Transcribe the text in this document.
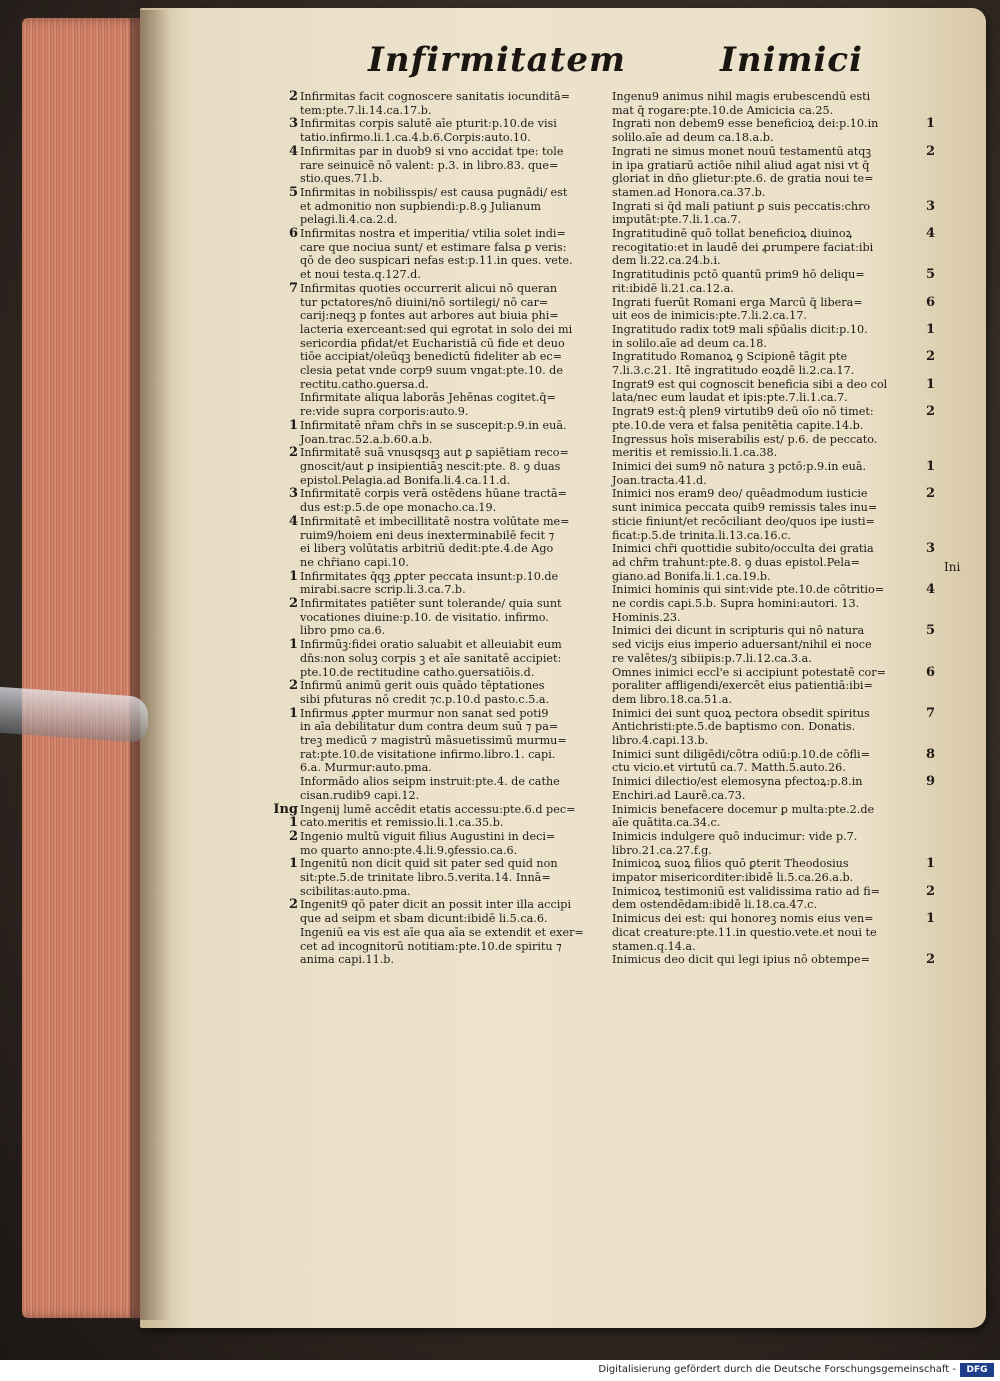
Infirmitatem	Inimici
2 Infirmitas facit cognoscere sanitatis iocunditā=
tem:pte.7.li.14.ca.17.b.
3 Infirmitas corpis salutē aīe pturit:p.10.de visi
tatio.infirmo.li.1.ca.4.b.6.Corpis:auto.10.
4 Infirmitas par in duob9 si vno accidat tpe: tole
rare seinuicē nō valent: p.3. in libro.83. que=
stio.ques.71.b.
5 Infirmitas in nobilisspis/ est causa pugnādi/ est
et admonitio non supbiendi:p.8.ꝯ Julianum
pelagi.li.4.ca.2.d.
6 Infirmitas nostra et imperitia/ vtilia solet indi=
care que nociua sunt/ et estimare falsa ꝑ veris:
qō de deo suspicari nefas est:p.11.in ques. vete.
et noui testa.q.127.d.
7 Infirmitas quoties occurrerit alicui nō queran
tur pctatores/nō diuini/nō sortilegi/ nō car=
carij:neqꝫ p fontes aut arbores aut biuia phi=
lacteria exerceant:sed qui egrotat in solo dei mi
sericordia pfidat/et Eucharistiā cū fide et deuo
tiōe accipiat/oleūqꝫ benedictū fideliter ab ec=
clesia petat vnde corp9 suum vngat:pte.10. de
rectitu.catho.ꝯuersa.d.
Infirmitate aliqua laborās Jehēnas cogitet.q̄=
re:vide supra corporis:auto.9.
1 Infirmitatē nr̄am chr̄s in se suscepit:p.9.in euā.
Joan.trac.52.a.b.60.a.b.
2 Infirmitatē suā vnusqsqꝫ aut ꝑ sapiētiam reco=
gnoscit/aut ꝑ insipientiāꝫ nescit:pte. 8. ꝯ duas
epistol.Pelagia.ad Bonifa.li.4.ca.11.d.
3 Infirmitatē corpis verā ostēdens hūane tractā=
dus est:p.5.de ope monacho.ca.19.
4 Infirmitatē et imbecillitatē nostra volūtate me=
ruim9/hoiem eni deus inexterminabilē fecit ⁊
ei liberꝫ volūtatis arbitriū dedit:pte.4.de Ago
ne chr̄iano capi.10.
1 Infirmitates q̄qꝫ ꝓpter peccata insunt:p.10.de
mirabi.sacre scrip.li.3.ca.7.b.
2 Infirmitates patiēter sunt tolerande/ quia sunt
vocationes diuine:p.10. de visitatio. infirmo.
libro pmo ca.6.
1 Infirmūꝫ:fidei oratio saluabit et alleuiabit eum
dn̄s:non soluꝫ corpis ꝫ et aīe sanitatē accipiet:
pte.10.de rectitudine catho.ꝯuersatiōis.d.
2 Infirmū animū gerit ouis quādo tēptationes
sibi pfuturas nō credit ⁊c.p.10.d pasto.c.5.a.
1 Infirmus ꝓpter murmur non sanat sed poti9
in aīa debilitatur dum contra deum suū ⁊ pa=
treꝫ medicū ⁊ magistrū māsuetissimū murmu=
rat:pte.10.de visitatione infirmo.libro.1. capi.
6.a. Murmur:auto.pma.
Informādo alios seipm instruit:pte.4. de cathe
cisan.rudib9 capi.12.
Ing 1
Ingenij lumē accēdit etatis accessu:pte.6.d pec=
cato.meritis et remissio.li.1.ca.35.b.
2 Ingenio multū viguit filius Augustini in deci=
mo quarto anno:pte.4.li.9.ꝯfessio.ca.6.
1 Ingenitū non dicit quid sit pater sed quid non
sit:pte.5.de trinitate libro.5.verita.14. Innā=
scibilitas:auto.pma.
2 Ingenit9 qō pater dicit an possit inter illa accipi
que ad seipm et sbam dicunt:ibidē li.5.ca.6.
Ingeniū ea vis est aīe qua aīa se extendit et exer=
cet ad incognitorū notitiam:pte.10.de spiritu ⁊
anima capi.11.b.
Ingenu9 animus nihil magis erubescendū esti
mat q̄ rogare:pte.10.de Amicicia ca.25.
1
Ingrati non debem9 esse beneficioꝝ dei:p.10.in
solilo.aīe ad deum ca.18.a.b.
2
Ingrati ne simus monet nouū testamentū atqꝫ
in ipa gratiarū actiōe nihil aliud agat nisi vt q̄
gloriat in dn̄o glietur:pte.6. de gratia noui te=
stamen.ad Honora.ca.37.b.
3
Ingrati si q̄d mali patiunt ꝑ suis peccatis:chro
imputāt:pte.7.li.1.ca.7.
4
Ingratitudinē quō tollat beneficioꝝ diuinoꝝ
recogitatio:et in laudē dei ꝓrumpere faciat:ibi
dem li.22.ca.24.b.i.
5
Ingratitudinis pctō quantū prim9 hō deliqu=
rit:ibidē li.21.ca.12.a.
6
Ingrati fuerūt Romani erga Marcū q̄ libera=
uit eos de inimicis:pte.7.li.2.ca.17.
1
Ingratitudo radix tot9 mali sp̄ūalis dicit:p.10.
in solilo.aīe ad deum ca.18.
2
Ingratitudo Romanoꝝ ꝯ Scipionē tāgit pte
7.li.3.c.21. Itē ingratitudo eoꝝdē li.2.ca.17.
1
Ingrat9 est qui cognoscit beneficia sibi a deo col
lata/nec eum laudat et ipis:pte.7.li.1.ca.7.
2
Ingrat9 est:q̄ plen9 virtutib9 deū oīo nō timet:
pte.10.de vera et falsa penitētia capite.14.b.
Ingressus hoīs miserabilis est/ p.6. de peccato.
meritis et remissio.li.1.ca.38.
1
Inimici dei sum9 nō natura ꝫ pctō:p.9.in euā.
Joan.tracta.41.d.
2
Inimici nos eram9 deo/ quēadmodum iusticie
sunt inimica peccata quib9 remissis tales inu=
sticie finiunt/et recōciliant deo/quos ipe iusti=
ficat:p.5.de trinita.li.13.ca.16.c.
3
Inimici chr̄i quottidie subito/occulta dei gratia
ad chr̄m trahunt:pte.8. ꝯ duas epistol.Pela=
giano.ad Bonifa.li.1.ca.19.b.
4
Inimici hominis qui sint:vide pte.10.de cōtritio=
ne cordis capi.5.b. Supra homini:autori. 13.
Hominis.23.
5
Inimici dei dicunt in scripturis qui nō natura
sed vicijs eius imperio aduersant/nihil ei noce
re valētes/ꝫ sibiipis:p.7.li.12.ca.3.a.
6
Omnes inimici eccl'e si accipiunt potestatē cor=
poraliter affligendi/exercēt eius patientiā:ibi=
dem libro.18.ca.51.a.
7
Inimici dei sunt quoꝝ pectora obsedit spiritus
Antichristi:pte.5.de baptismo con. Donatis.
libro.4.capi.13.b.
8
Inimici sunt diligēdi/cōtra odiū:p.10.de cōfli=
ctu vicio.et virtutū ca.7. Matth.5.auto.26.
9
Inimici dilectio/est elemosyna pfectoꝝ:p.8.in
Enchiri.ad Laurē.ca.73.
Inimicis benefacere docemur ꝑ multa:pte.2.de
aīe quātita.ca.34.c.
Inimicis indulgere quō inducimur: vide p.7.
libro.21.ca.27.f.g.
1
Inimicoꝝ suoꝝ filios quō ꝑterit Theodosius
impator misericorditer:ibidē li.5.ca.26.a.b.
2
Inimicoꝝ testimoniū est validissima ratio ad fi=
dem ostendēdam:ibidē li.18.ca.47.c.
1
Inimicus dei est: qui honoreꝫ nomis eius ven=
dicat creature:pte.11.in questio.vete.et noui te
stamen.q.14.a.
2
Inimicus deo dicit qui legi ipius nō obtempe=
Ini
Digitalisierung gefördert durch die Deutsche Forschungsgemeinschaft -	DFG
